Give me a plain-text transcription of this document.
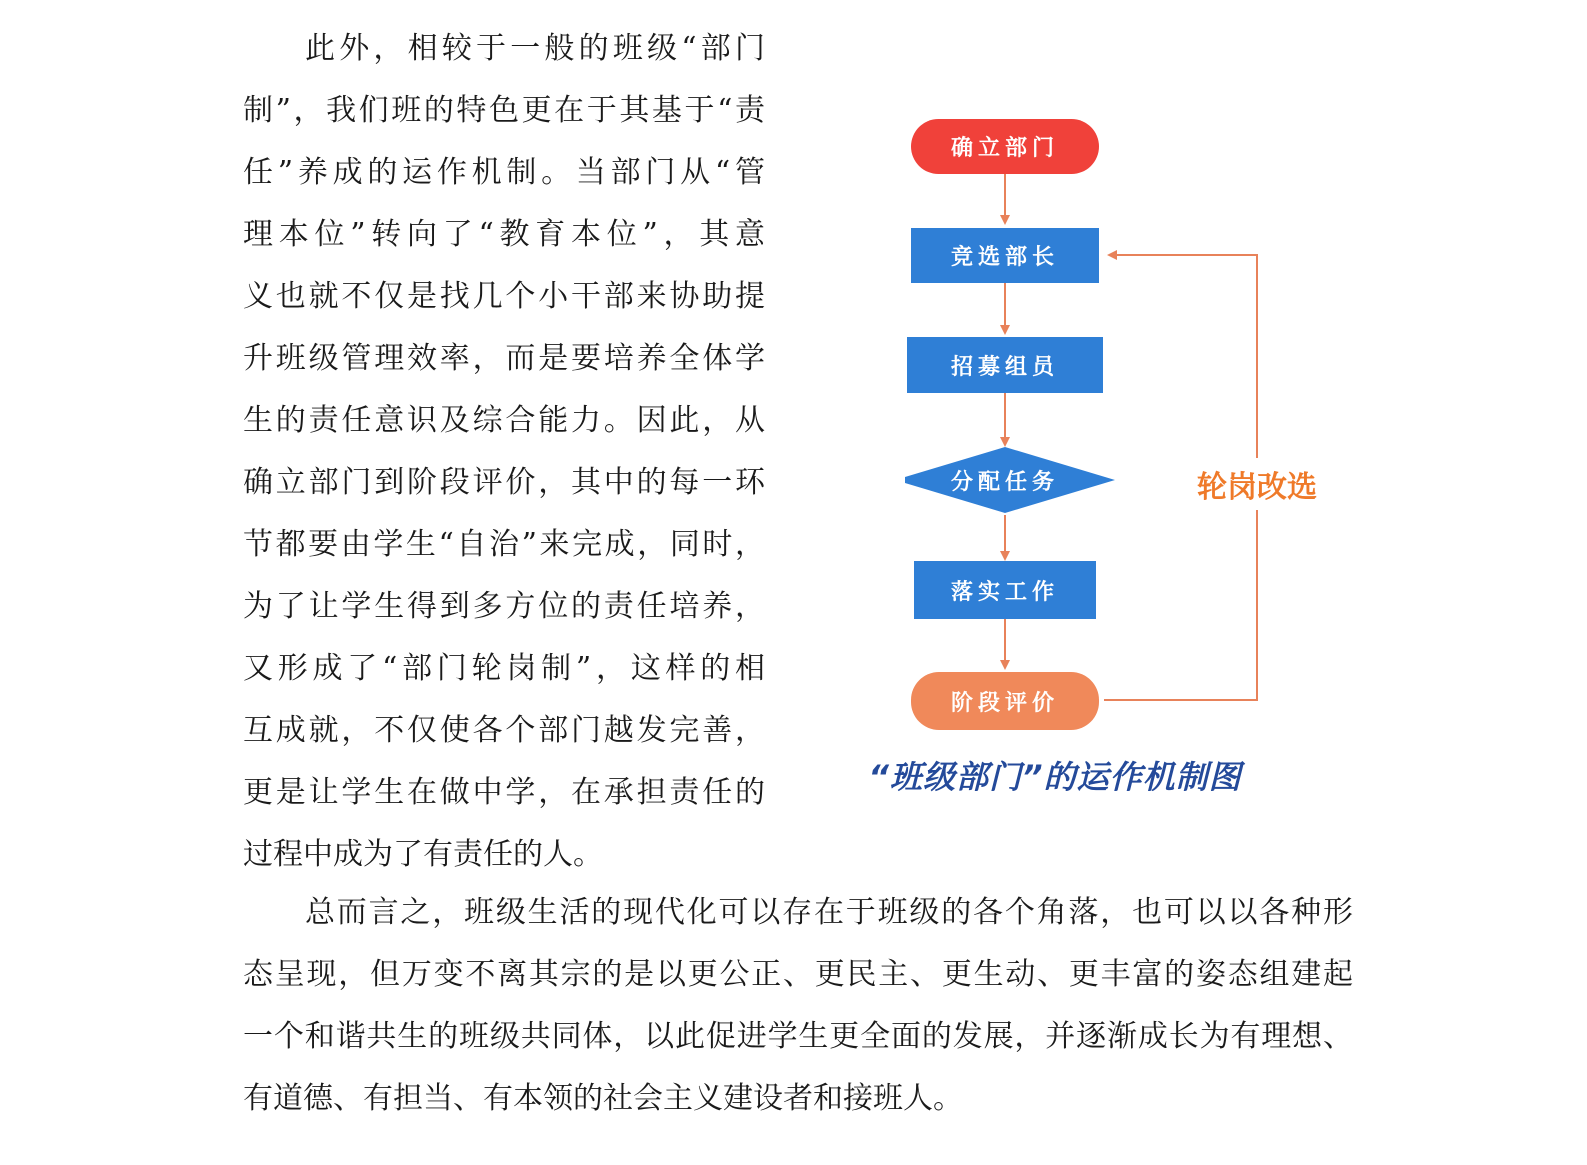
此外，相较于一般的班级“部门
制”，我们班的特色更在于其基于“责
任”养成的运作机制。当部门从“管
理本位”转向了“教育本位”，其意
义也就不仅是找几个小干部来协助提
升班级管理效率，而是要培养全体学
生的责任意识及综合能力。因此，从
确立部门到阶段评价，其中的每一环
节都要由学生“自治”来完成，同时，
为了让学生得到多方位的责任培养，
又形成了“部门轮岗制”，这样的相
互成就，不仅使各个部门越发完善，
更是让学生在做中学，在承担责任的
过程中成为了有责任的人。
确立部门
竞选部长
招募组员
分配任务
落实工作
阶段评价
轮岗改选
“班级部门”的运作机制图
总而言之，班级生活的现代化可以存在于班级的各个角落，也可以以各种形
态呈现，但万变不离其宗的是以更公正、更民主、更生动、更丰富的姿态组建起
一个和谐共生的班级共同体，以此促进学生更全面的发展，并逐渐成长为有理想、
有道德、有担当、有本领的社会主义建设者和接班人。
